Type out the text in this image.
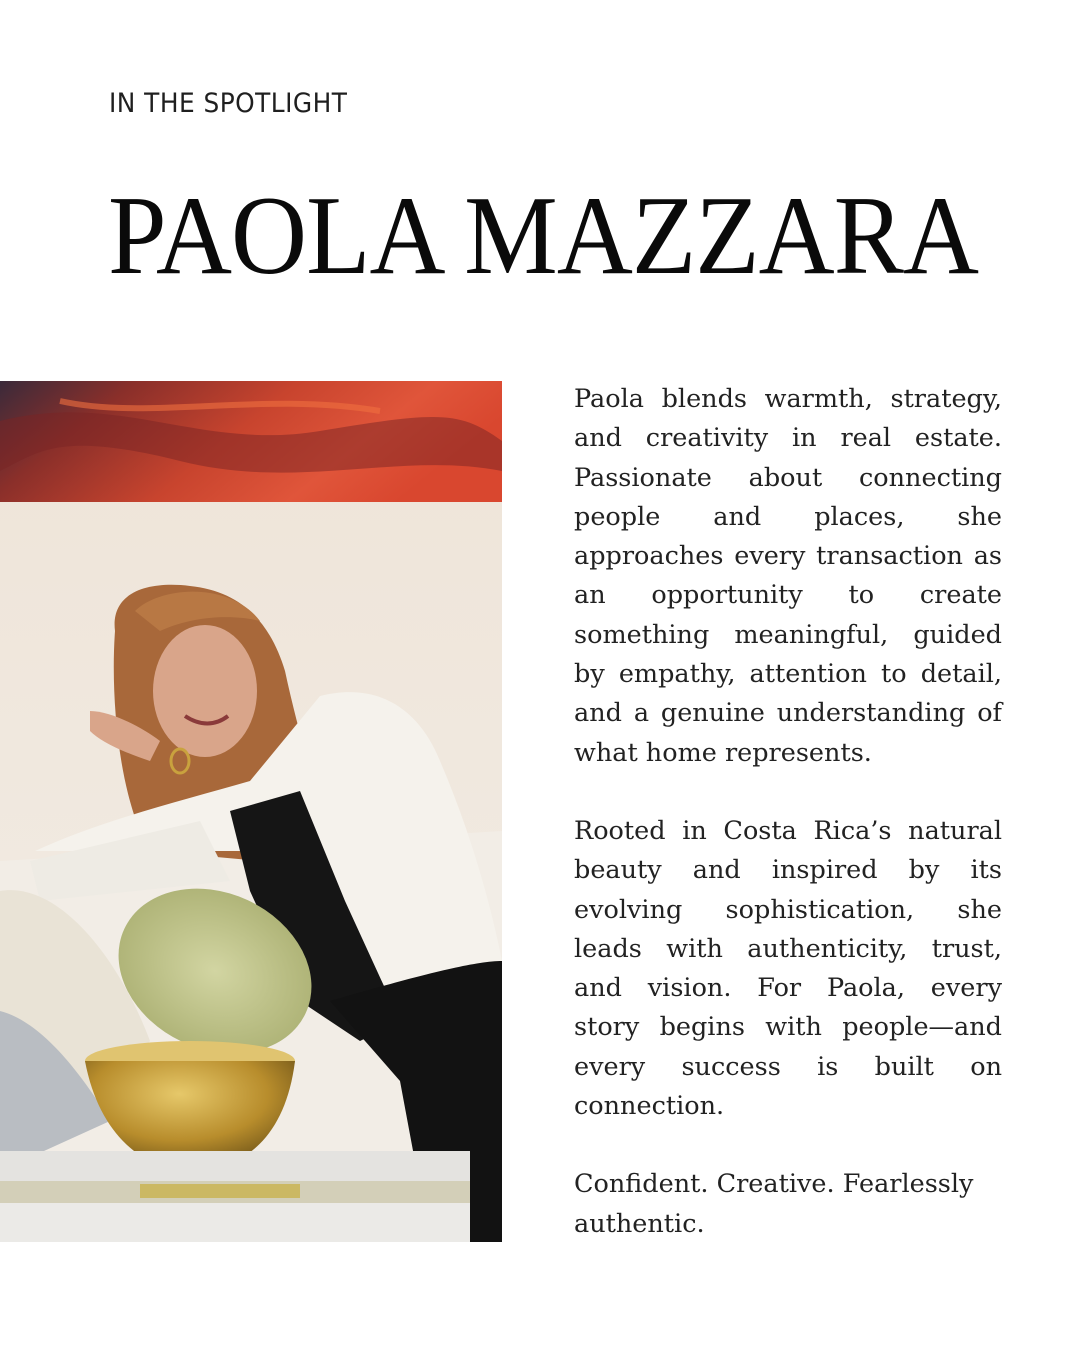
IN THE SPOTLIGHT
PAOLA MAZZARA

Paola blends warmth, strategy, and creativity in real estate. Passionate about connecting people and places, she approaches every transaction as an opportunity to create something meaningful, guided by empathy, attention to detail, and a genuine understanding of what home represents.

Rooted in Costa Rica’s natural beauty and inspired by its evolving sophistication, she leads with authenticity, trust, and vision. For Paola, every story begins with people—and every success is built on connection.

Confident. Creative. Fearlessly authentic.
